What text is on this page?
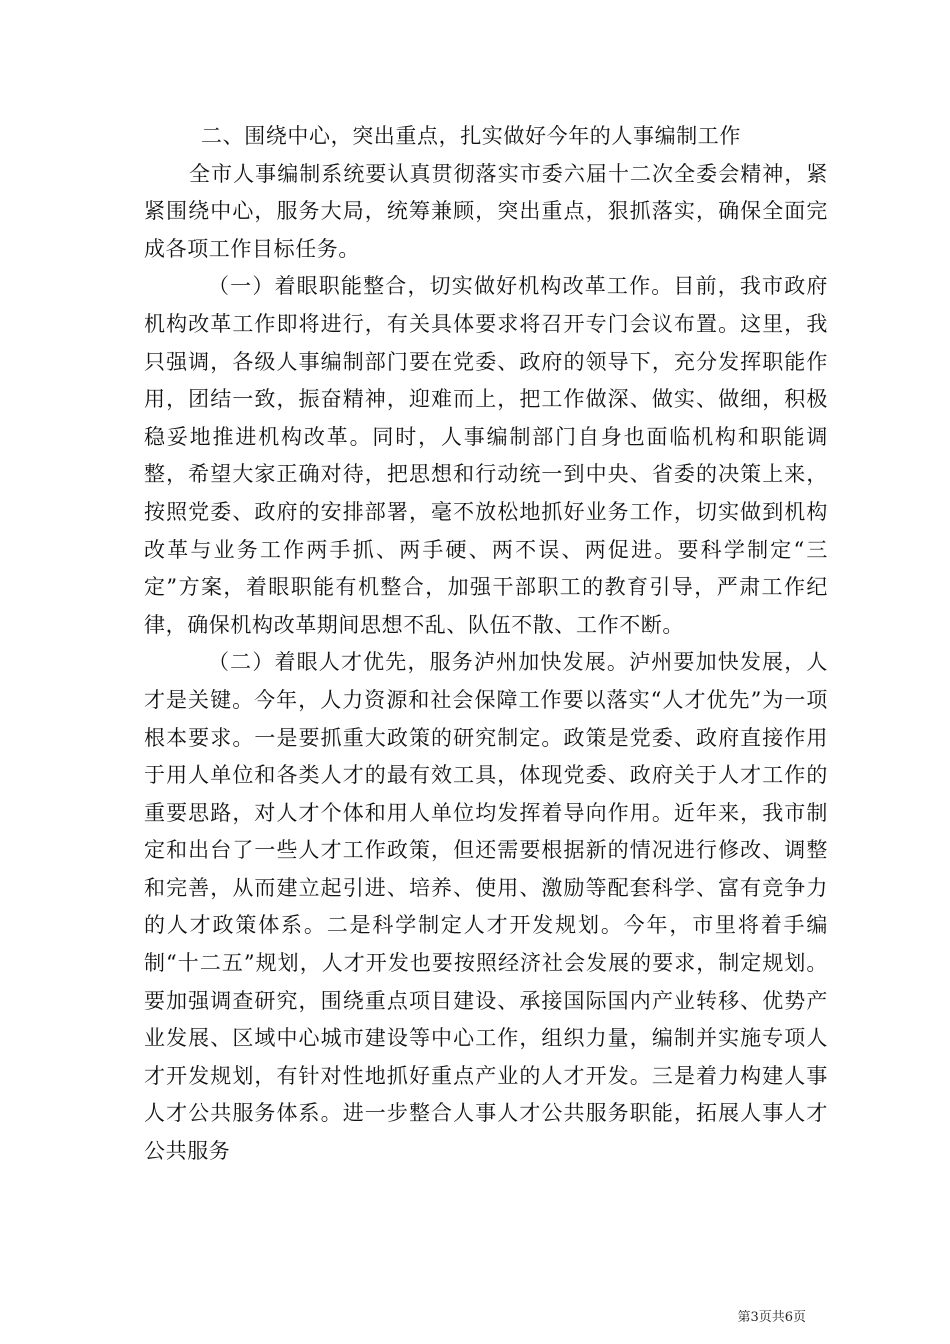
二、围绕中心，突出重点，扎实做好今年的人事编制工作

全市人事编制系统要认真贯彻落实市委六届十二次全委会精神，紧紧围绕中心，服务大局，统筹兼顾，突出重点，狠抓落实，确保全面完成各项工作目标任务。

（一）着眼职能整合，切实做好机构改革工作。目前，我市政府机构改革工作即将进行，有关具体要求将召开专门会议布置。这里，我只强调，各级人事编制部门要在党委、政府的领导下，充分发挥职能作用，团结一致，振奋精神，迎难而上，把工作做深、做实、做细，积极稳妥地推进机构改革。同时，人事编制部门自身也面临机构和职能调整，希望大家正确对待，把思想和行动统一到中央、省委的决策上来，按照党委、政府的安排部署，毫不放松地抓好业务工作，切实做到机构改革与业务工作两手抓、两手硬、两不误、两促进。要科学制定“三定”方案，着眼职能有机整合，加强干部职工的教育引导，严肃工作纪律，确保机构改革期间思想不乱、队伍不散、工作不断。

（二）着眼人才优先，服务泸州加快发展。泸州要加快发展，人才是关键。今年，人力资源和社会保障工作要以落实“人才优先”为一项根本要求。一是要抓重大政策的研究制定。政策是党委、政府直接作用于用人单位和各类人才的最有效工具，体现党委、政府关于人才工作的重要思路，对人才个体和用人单位均发挥着导向作用。近年来，我市制定和出台了一些人才工作政策，但还需要根据新的情况进行修改、调整和完善，从而建立起引进、培养、使用、激励等配套科学、富有竞争力的人才政策体系。二是科学制定人才开发规划。今年，市里将着手编制“十二五”规划，人才开发也要按照经济社会发展的要求，制定规划。要加强调查研究，围绕重点项目建设、承接国际国内产业转移、优势产业发展、区域中心城市建设等中心工作，组织力量，编制并实施专项人才开发规划，有针对性地抓好重点产业的人才开发。三是着力构建人事人才公共服务体系。进一步整合人事人才公共服务职能，拓展人事人才公共服务

第3页共6页
